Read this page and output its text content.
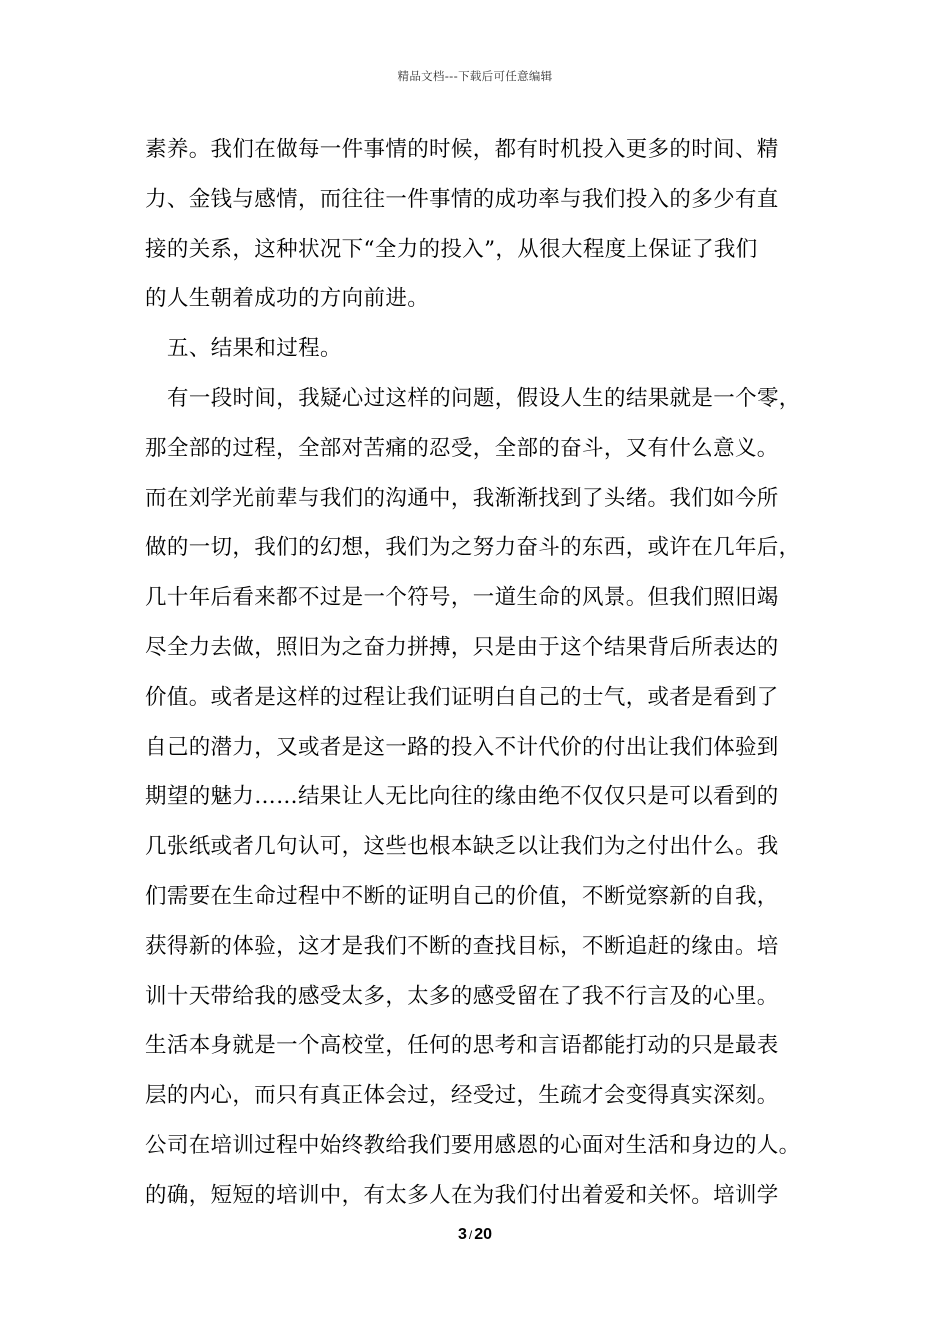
精品文档---下载后可任意编辑
素养。我们在做每一件事情的时候，都有时机投入更多的时间、精
力、金钱与感情，而往往一件事情的成功率与我们投入的多少有直
接的关系，这种状况下“全力的投入”，从很大程度上保证了我们
的人生朝着成功的方向前进。
五、结果和过程。
有一段时间，我疑心过这样的问题，假设人生的结果就是一个零，
那全部的过程，全部对苦痛的忍受，全部的奋斗，又有什么意义。
而在刘学光前辈与我们的沟通中，我渐渐找到了头绪。我们如今所
做的一切，我们的幻想，我们为之努力奋斗的东西，或许在几年后，
几十年后看来都不过是一个符号，一道生命的风景。但我们照旧竭
尽全力去做，照旧为之奋力拼搏，只是由于这个结果背后所表达的
价值。或者是这样的过程让我们证明白自己的士气，或者是看到了
自己的潜力，又或者是这一路的投入不计代价的付出让我们体验到
期望的魅力……结果让人无比向往的缘由绝不仅仅只是可以看到的
几张纸或者几句认可，这些也根本缺乏以让我们为之付出什么。我
们需要在生命过程中不断的证明自己的价值，不断觉察新的自我，
获得新的体验，这才是我们不断的查找目标，不断追赶的缘由。培
训十天带给我的感受太多，太多的感受留在了我不行言及的心里。
生活本身就是一个高校堂，任何的思考和言语都能打动的只是最表
层的内心，而只有真正体会过，经受过，生疏才会变得真实深刻。
公司在培训过程中始终教给我们要用感恩的心面对生活和身边的人。
的确，短短的培训中，有太多人在为我们付出着爱和关怀。培训学
3 / 20
